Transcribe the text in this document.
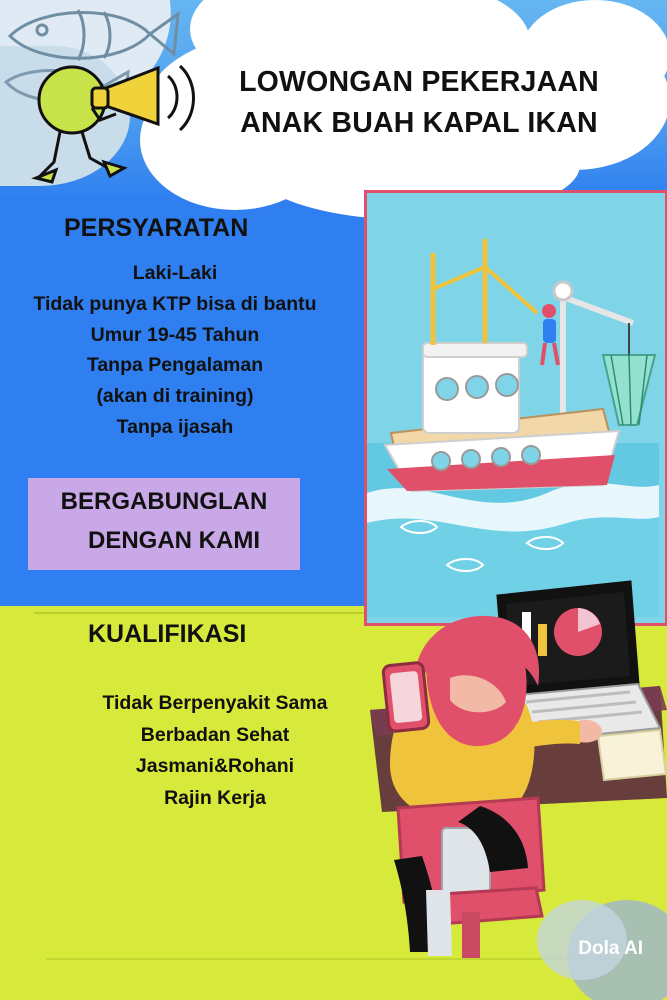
LOWONGAN PEKERJAAN
ANAK BUAH KAPAL IKAN
PERSYARATAN
Laki-Laki
Tidak punya KTP bisa di bantu
Umur 19-45 Tahun
Tanpa Pengalaman
(akan di training)
Tanpa ijasah
BERGABUNGLAN
DENGAN KAMI
KUALIFIKASI
Tidak Berpenyakit Sama
Berbadan Sehat
Jasmani&Rohani
Rajin Kerja
Dola AI
